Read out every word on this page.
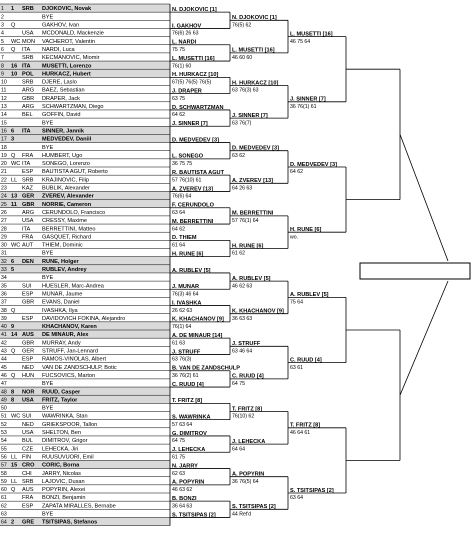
1 1 SRB DJOKOVIC, Novak
2	BYE
3 Q	GAKHOV, Ivan
4	USA MCDONALD, Mackenzie
5 WC MON VACHEROT, Valentin
6 Q ITA NARDI, Luca
7	SRB KECMANOVIC, Miomir
8 16 ITA MUSETTI, Lorenzo
9 10 POL HURKACZ, Hubert
10	SRB DJERE, Laslo
11	ARG BAEZ, Sebastian
12	GBR DRAPER, Jack
13	ARG SCHWARTZMAN, Diego
14	BEL GOFFIN, David
15	BYE
16 6 ITA SINNER, Jannik
17 3	MEDVEDEV, Daniil
18	BYE
19 Q FRA HUMBERT, Ugo
20 WC ITA SONEGO, Lorenzo
21	ESP BAUTISTA AGUT, Roberto
22 LL SRB KRAJINOVIC, Filip
23	KAZ BUBLIK, Alexander
24 13 GER ZVEREV, Alexander
25 11 GBR NORRIE, Cameron
26	ARG CERUNDOLO, Francisco
27	USA CRESSY, Maxime
28	ITA BERRETTINI, Matteo
29	FRA GASQUET, Richard
30 WC AUT THIEM, Dominic
31	BYE
32 6 DEN RUNE, Holger
33 5	RUBLEV, Andrey
34	BYE
35	SUI HUESLER, Marc-Andrea
36	ESP MUNAR, Jaume
37	GBR EVANS, Daniel
38 Q	IVASHKA, Ilya
39	ESP DAVIDOVICH FOKINA, Alejandro
40 9	KHACHANOV, Karen
41 14 AUS DE MINAUR, Alex
42	GBR MURRAY, Andy
43 Q GER STRUFF, Jan-Lennard
44	ESP RAMOS-VINOLAS, Albert
45	NED VAN DE ZANDSCHULP, Botic
46 Q HUN FUCSOVICS, Marton
47	BYE
48 8 NOR RUUD, Casper
49 8 USA FRITZ, Taylor
50	BYE
51 WC SUI WAWRINKA, Stan
52	NED GRIEKSPOOR, Tallon
53	USA SHELTON, Ben
54	BUL DIMITROV, Grigor
55	CZE LEHECKA, Jiri
56 LL FIN RUUSUVUORI, Emil
57 15 CRO CORIC, Borna
58	CHI JARRY, Nicolas
59 LL SRB LAJOVIC, Dusan
60 Q AUS POPYRIN, Alexei
61	FRA BONZI, Benjamin
62	ESP ZAPATA MIRALLES, Bernabe
63	BYE
64 2 GRE TSITSIPAS, Stefanos
N. DJOKOVIC [1]
I. GAKHOV
76(6) 26 63
L. NARDI
75 75
L. MUSETTI [16]
76(1) 60
H. HURKACZ [10]
67(5) 76(5) 76(5)
J. DRAPER
63 75
D. SCHWARTZMAN
64 62
J. SINNER [7]
D. MEDVEDEV [3]
L. SONEGO
36 75 75
R. BAUTISTA AGUT
57 76(10) 61
A. ZVEREV [13]
76(6) 64
F. CERUNDOLO
63 64
M. BERRETTINI
64 62
D. THIEM
61 64
H. RUNE [6]
A. RUBLEV [5]
J. MUNAR
76(3) 46 64
I. IVASHKA
26 62 63
K. KHACHANOV [9]
76(1) 64
A. DE MINAUR [14]
61 63
J. STRUFF
63 76(3)
B. VAN DE ZANDSCHULP
36 76(2) 61
C. RUUD [4]
T. FRITZ [8]
S. WAWRINKA
57 63 64
G. DIMITROV
64 75
J. LEHECKA
61 75
N. JARRY
62 63
A. POPYRIN
46 63 62
B. BONZI
36 64 63
S. TSITSIPAS [2]
N. DJOKOVIC [1]
76(5) 62
L. MUSETTI [16]
46 60 60
H. HURKACZ [10]
63 76(3) 63
J. SINNER [7]
63 76(7)
D. MEDVEDEV [3]
63 62
A. ZVEREV [13]
64 26 63
M. BERRETTINI
57 76(1) 64
H. RUNE [6]
61 62
A. RUBLEV [5]
46 62 63
K. KHACHANOV [9]
36 63 63
J. STRUFF
63 46 64
C. RUUD [4]
64 75
T. FRITZ [8]
76(10) 62
J. LEHECKA
64 64
A. POPYRIN
36 76(5) 64
S. TSITSIPAS [2]
44 Ret'd
L. MUSETTI [16]
46 75 64
J. SINNER [7]
36 76(1) 61
D. MEDVEDEV [3]
64 62
H. RUNE [6]
wo.
A. RUBLEV [5]
75 64
C. RUUD [4]
63 61
T. FRITZ [8]
46 64 61
S. TSITSIPAS [2]
63 64
